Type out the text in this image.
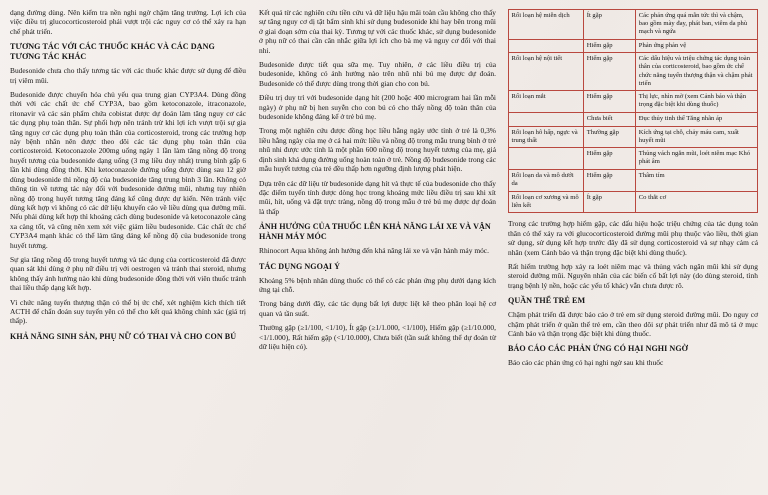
dạng đường dùng. Nên kiểm tra nền nghi ngờ chậm tăng trưởng. Lợi ích của việc điều trị glucocorticosteroid phải vượt trội các nguy cơ có thể xảy ra hạn chế phát triển.

TƯƠNG TÁC VỚI CÁC THUỐC KHÁC VÀ CÁC DẠNG TƯƠNG TÁC KHÁC

Budesonide chưa cho thấy tương tác với các thuốc khác được sử dụng để điều trị viêm mũi.

Budesonide được chuyển hóa chủ yếu qua trung gian CYP3A4. Dùng đồng thời với các chất ức chế CYP3A, bao gồm ketoconazole, itraconazole, ritonavir và các sản phẩm chứa cobistat được dự đoán làm tăng nguy cơ các tác dụng phụ toàn thân. Sự phối hợp nên tránh trừ khi lợi ích vượt trội sự gia tăng nguy cơ các dụng phụ toàn thân của corticosteroid, trong các trường hợp này bệnh nhân nên được theo dõi các tác dụng phụ toàn thân của corticosteroid. Ketoconazole 200mg uống ngày 1 lần làm tăng nồng độ trong huyết tương của budesonide dạng uống (3 mg liều duy nhất) trung bình gấp 6 lần khi dùng đồng thời. Khi ketoconazole đường uống được dùng sau 12 giờ dùng budesonide thì nồng độ của budesonide tăng trung bình 3 lần. Không có thông tin về tương tác này đối với budesonide đường mũi, nhưng tuy nhiên nồng độ trong huyết tương tăng đáng kể cũng được dự kiến. Nên tránh việc dùng kết hợp vì không có các dữ liệu khuyến cáo về liều dùng qua đường mũi. Nếu phải dùng kết hợp thì khoảng cách dùng budesonide và ketoconazole càng xa càng tốt, và cũng nên xem xét việc giảm liều budesonide. Các chất ức chế CYP3A4 mạnh khác có thể làm tăng đáng kể nồng độ của budesonide trong huyết tương.

Sự gia tăng nồng độ trong huyết tương và tác dụng của corticosteroid đã được quan sát khi dùng ở phụ nữ điều trị với oestrogen và tránh thai steroid, nhưng không thấy ảnh hưởng nào khi dùng budesonide đồng thời với viên thuốc tránh thai liều thấp dạng kết hợp.

Vì chức năng tuyến thượng thận có thể bị ức chế, xét nghiệm kích thích tiết ACTH để chẩn đoán suy tuyến yên có thể cho kết quả không chính xác (giá trị thấp).

KHẢ NĂNG SINH SẢN, PHỤ NỮ CÓ THAI VÀ CHO CON BÚ

Kết quả từ các nghiên cứu tiền cứu và dữ liệu hậu mãi toàn cầu không cho thấy sự tăng nguy cơ dị tật bẩm sinh khi sử dụng budesonide khi hay bên trong mũi ở giai đoạn sớm của thai kỳ. Tương tự với các thuốc khác, sử dụng budesonide ở phụ nữ có thai cần cân nhắc giữa lợi ích cho bà mẹ và nguy cơ đối với thai nhi.

Budesonide được tiết qua sữa mẹ. Tuy nhiên, ở các liều điều trị của budesonide, không có ảnh hưởng nào trên nhũ nhi bú mẹ được dự đoán. Budesonide có thể được dùng trong thời gian cho con bú.

Điều trị duy trì với budesonide dạng hít (200 hoặc 400 microgram hai lần mỗi ngày) ở phụ nữ bị hen suyễn cho con bú có cho thấy nồng độ toàn thân của budesonide không đáng kể ở trẻ bú mẹ.

Trong một nghiên cứu được đồng học liều hằng ngày ước tính ở trẻ là 0,3% liều hằng ngày của mẹ ở cả hai mức liều và nồng độ trong mẫu trung bình ở trẻ nhũ nhi được ước tính là một phần 600 nồng độ trong huyết tương của mẹ, giả định sinh khả dụng đường uống hoàn toàn ở trẻ. Nồng độ budesonide trong các mẫu huyết tương của trẻ đều thấp hơn ngưỡng định lượng phát hiện.

Dựa trên các dữ liệu từ budesonide dạng hít và thực tế của budesonide cho thấy đặc điểm tuyến tính được dòng học trong khoảng mức liều điều trị sau khi xít mũi, hít, uống và đặt trực tràng, nồng độ trong mẫu ở trẻ bú mẹ được dự đoán là thấp

ẢNH HƯỞNG CỦA THUỐC LÊN KHẢ NĂNG LÁI XE VÀ VẬN HÀNH MÁY MÓC

Rhinocort Aqua không ảnh hưởng đến khả năng lái xe và vận hành máy móc.

TÁC DỤNG NGOẠI Ý

Khoảng 5% bệnh nhân dùng thuốc có thể có các phản ứng phụ dưới dạng kích ứng tại chỗ.

Trong bảng dưới đây, các tác dụng bất lợi được liệt kê theo phân loại hệ cơ quan và tần suất.

Thường gặp (≥1/100, <1/10), Ít gặp (≥1/1.000, <1/100), Hiếm gặp (≥1/10.000, <1/1.000), Rất hiếm gặp (<1/10.000), Chưa biết (tần suất không thể dự đoán từ dữ liệu hiện có).

Rối loạn hệ miễn dịch	Ít gặp	Các phản ứng quá mẫn tức thì và chậm, bao gồm mày đay, phát ban, viêm da phù mạch và ngứa
	Hiếm gặp	Phản ứng phản vệ
Rối loạn hệ nội tiết	Hiếm gặp	Các dấu hiệu và triệu chứng tác dụng toàn thân của corticosteroid, bao gồm ức chế chức năng tuyến thượng thận và chậm phát triển
Rối loạn mắt	Hiếm gặp	Thị lực, nhìn mờ (xem Cảnh báo và thận trọng đặc biệt khi dùng thuốc)
	Chưa biết	Đục thủy tinh thể Tăng nhãn áp
Rối loạn hô hấp, ngực và trung thất	Thường gặp	Kích ứng tại chỗ, chảy máu cam, xuất huyết mũi
	Hiếm gặp	Thủng vách ngăn mũi, loét niêm mạc Khó phát âm
Rối loạn da và mô dưới da	Hiếm gặp	Thâm tím
Rối loạn cơ xương và mô liên kết	Ít gặp	Co thắt cơ

Trong các trường hợp hiếm gặp, các dấu hiệu hoặc triệu chứng của tác dụng toàn thân có thể xảy ra với glucocorticosteroid đường mũi phụ thuộc vào liều, thời gian sử dụng, sử dụng kết hợp trước đây đã sử dụng corticosteroid và sự nhạy cảm cá nhân (xem Cảnh báo và thận trọng đặc biệt khi dùng thuốc).

Rất hiếm trường hợp xảy ra loét niêm mạc và thủng vách ngăn mũi khi sử dụng steroid đường mũi. Nguyên nhân của các biến cố bất lợi này (do dùng steroid, tình trạng bệnh lý nền, hoặc các yếu tố khác) vẫn chưa được rõ.

QUẦN THỂ TRẺ EM

Chậm phát triển đã được báo cáo ở trẻ em sử dụng steroid đường mũi. Do nguy cơ chậm phát triển ở quần thể trẻ em, cần theo dõi sự phát triển như đã mô tả ở mục Cảnh báo và thận trọng đặc biệt khi dùng thuốc.

BÁO CÁO CÁC PHẢN ỨNG CÓ HẠI NGHI NGỜ

Báo cáo các phản ứng có hại nghi ngờ sau khi thuốc
